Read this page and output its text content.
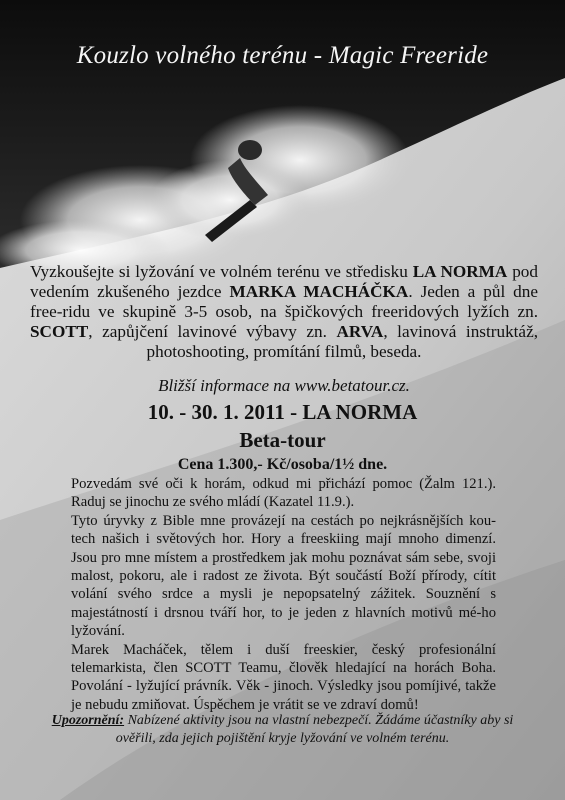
Kouzlo volného terénu - Magic Freeride
Vyzkoušejte si lyžování ve volném terénu ve středisku LA NORMA pod vedením zkušeného jezdce MARKA MACHÁČKA. Jeden a půl dne free-ridu ve skupině 3-5 osob, na špičkových freeridových lyžích zn. SCOTT, zapůjčení lavinové výbavy zn. ARVA, lavinová instruktáž, photoshooting, promítání filmů, beseda.
Bližší informace na www.betatour.cz.
10. - 30. 1. 2011 - LA NORMA
Beta-tour
Cena 1.300,- Kč/osoba/1½ dne.

Pozvedám své oči k horám, odkud mi přichází pomoc (Žalm 121.). Raduj se jinochu ze svého mládí (Kazatel 11.9.).

Tyto úryvky z Bible mne provázejí na cestách po nejkrásnějších kou-tech našich i světových hor. Hory a freeskiing mají mnoho dimenzí. Jsou pro mne místem a prostředkem jak mohu poznávat sám sebe, svoji malost, pokoru, ale i radost ze života. Být součástí Boží přírody, cítit volání svého srdce a mysli je nepopsatelný zážitek. Souznění s majestátností i drsnou tváří hor, to je jeden z hlavních motivů mé-ho lyžování.

Marek Macháček, tělem i duší freeskier, český profesionální telemarkista, člen SCOTT Teamu, člověk hledající na horách Boha. Povolání - lyžující právník. Věk - jinoch. Výsledky jsou pomíjivé, takže je nebudu zmiňovat. Úspěchem je vrátit se ve zdraví domů!

Upozornění: Nabízené aktivity jsou na vlastní nebezpečí. Žádáme účastníky aby si ověřili, zda jejich pojištění kryje lyžování ve volném terénu.
